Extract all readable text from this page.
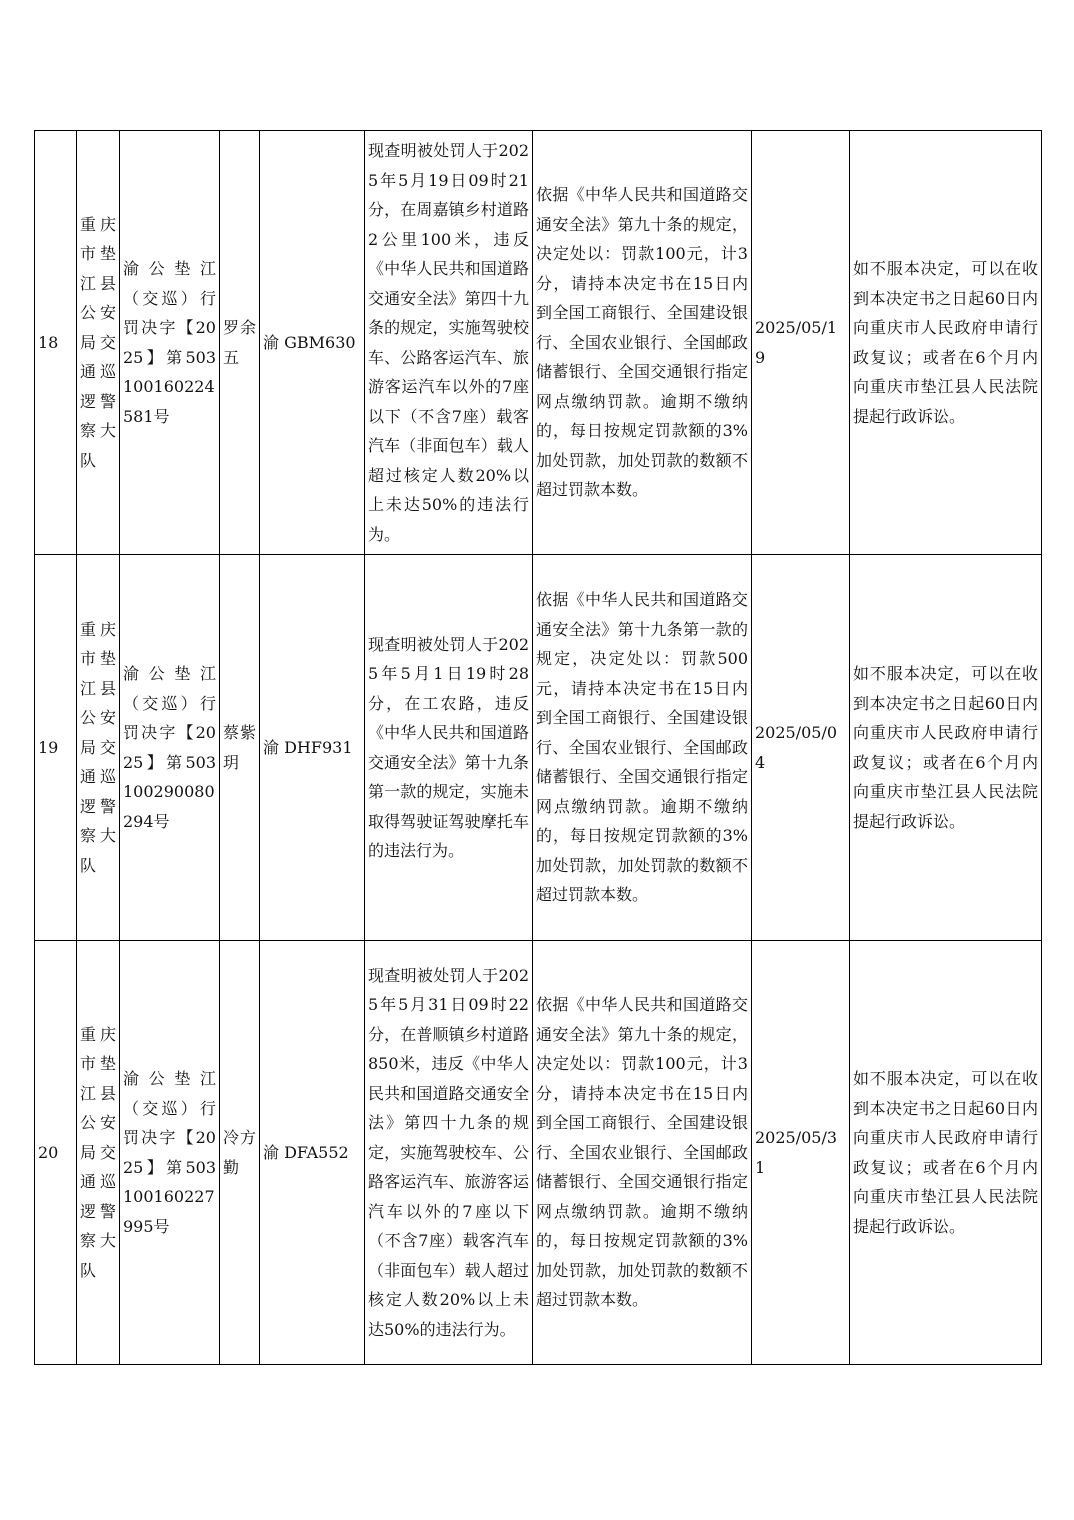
18	重庆市垫江县公安局交通巡逻警察大队	渝公垫江（交巡）行罚决字【2025】第503100160224581号	罗余五	渝 GBM630	现查明被处罚人于2025年5月19日09时21分，在周嘉镇乡村道路 2公里100米，违反《中华人民共和国道路交通安全法》第四十九条的规定，实施驾驶校车、公路客运汽车、旅游客运汽车以外的7座以下（不含7座）载客汽车（非面包车）载人超过核定人数20%以上未达50%的违法行为。	依据《中华人民共和国道路交通安全法》第九十条的规定，决定处以：罚款100元，计3分，请持本决定书在15日内到全国工商银行、全国建设银行、全国农业银行、全国邮政储蓄银行、全国交通银行指定网点缴纳罚款。逾期不缴纳的，每日按规定罚款额的3%加处罚款，加处罚款的数额不超过罚款本数。	2025/05/19	如不服本决定，可以在收到本决定书之日起60日内向重庆市人民政府申请行政复议；或者在6个月内向重庆市垫江县人民法院提起行政诉讼。
19	重庆市垫江县公安局交通巡逻警察大队	渝公垫江（交巡）行罚决字【2025】第503100290080294号	蔡紫玥	渝 DHF931	现查明被处罚人于2025年5月1日19时28分，在工农路，违反《中华人民共和国道路交通安全法》第十九条第一款的规定，实施未取得驾驶证驾驶摩托车的违法行为。	依据《中华人民共和国道路交通安全法》第十九条第一款的规定，决定处以：罚款500元，请持本决定书在15日内到全国工商银行、全国建设银行、全国农业银行、全国邮政储蓄银行、全国交通银行指定网点缴纳罚款。逾期不缴纳的，每日按规定罚款额的3%加处罚款，加处罚款的数额不超过罚款本数。	2025/05/04	如不服本决定，可以在收到本决定书之日起60日内向重庆市人民政府申请行政复议；或者在6个月内向重庆市垫江县人民法院提起行政诉讼。
20	重庆市垫江县公安局交通巡逻警察大队	渝公垫江（交巡）行罚决字【2025】第503100160227995号	冷方勤	渝 DFA552	现查明被处罚人于2025年5月31日09时22分，在普顺镇乡村道路850米，违反《中华人民共和国道路交通安全法》第四十九条的规定，实施驾驶校车、公路客运汽车、旅游客运汽车以外的7座以下（不含7座）载客汽车（非面包车）载人超过核定人数20%以上未达50%的违法行为。	依据《中华人民共和国道路交通安全法》第九十条的规定，决定处以：罚款100元，计3分，请持本决定书在15日内到全国工商银行、全国建设银行、全国农业银行、全国邮政储蓄银行、全国交通银行指定网点缴纳罚款。逾期不缴纳的，每日按规定罚款额的3%加处罚款，加处罚款的数额不超过罚款本数。	2025/05/31	如不服本决定，可以在收到本决定书之日起60日内向重庆市人民政府申请行政复议；或者在6个月内向重庆市垫江县人民法院提起行政诉讼。
